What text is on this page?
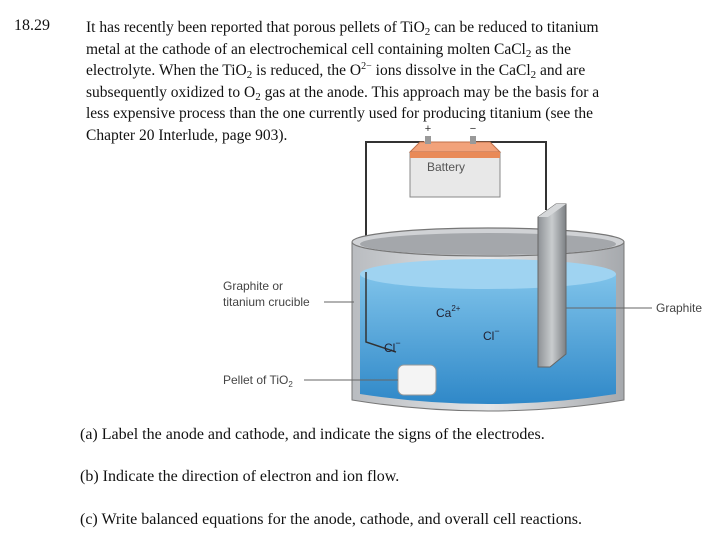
18.29 It has recently been reported that porous pellets of TiO$_2$ can be reduced to titanium

metal at the cathode of an electrochemical cell containing molten CaCl$_2$ as the

electrolyte. When the TiO$_2$ is reduced, the $O^{2-}$ ions dissolve in the CaCl$_2$ and are

subsequently oxidized to $O_2$ gas at the anode. This approach may be the basis for a

less expensive process than the one currently used for producing titanium (see the

Chapter 20 Interlude, page 903).	+	−
Battery
$Ca^{2+}$
Cl−
Cl−
Graphite or
titanium crucible	Graphite
Pellet of TiO$_2$
(a) Label the anode and cathode, and indicate the signs of the electrodes.
(b) Indicate the direction of electron and ion flow.
(c) Write balanced equations for the anode, cathode, and overall cell reactions.
